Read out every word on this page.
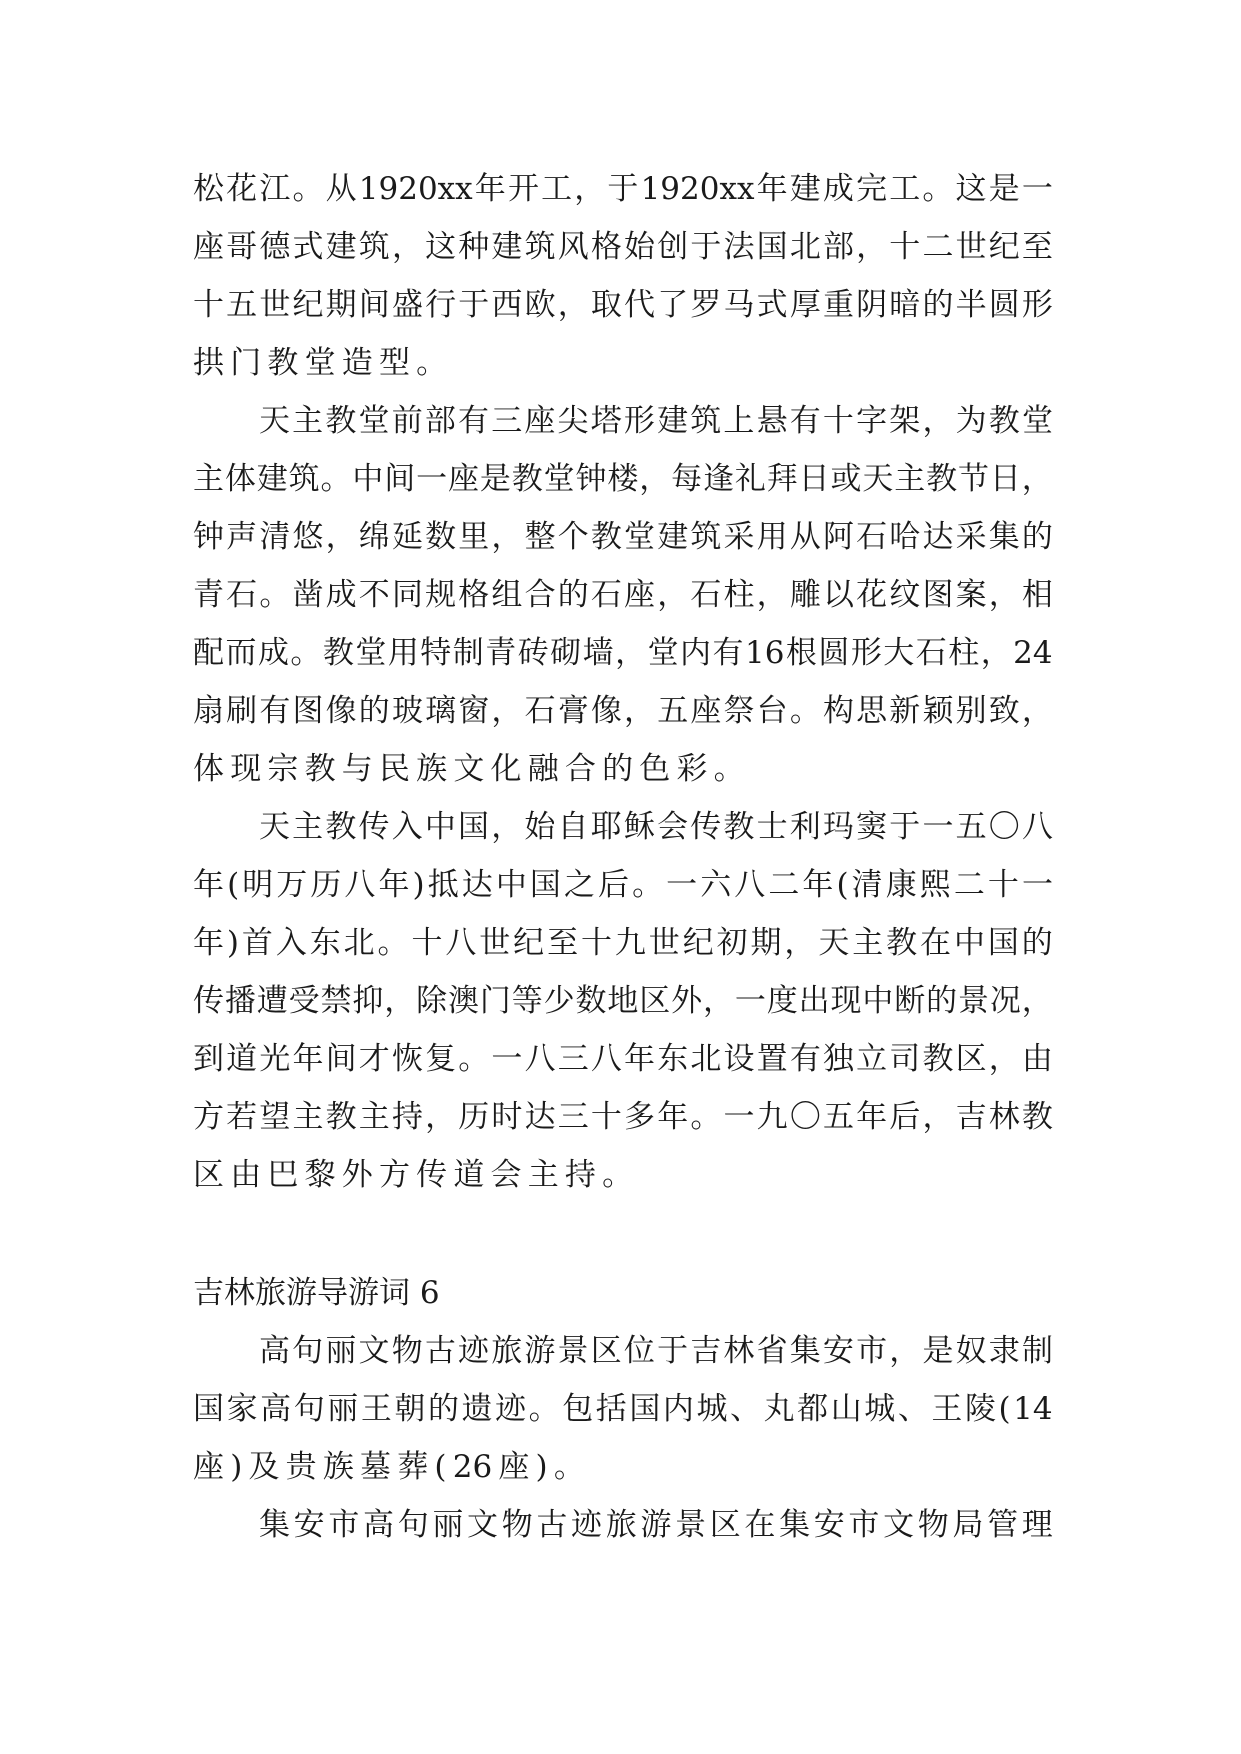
松 花 江 。 从 1920xx 年 开 工 ， 于 1920xx 年 建 成 完 工 。 这 是 一
座 哥 德 式 建 筑 ， 这 种 建 筑 风 格 始 创 于 法 国 北 部 ， 十 二 世 纪 至
十 五 世 纪 期 间 盛 行 于 西 欧 ， 取 代 了 罗 马 式 厚 重 阴 暗 的 半 圆 形
拱 门 教 堂 造 型 。
天 主 教 堂 前 部 有 三 座 尖 塔 形 建 筑 上 悬 有 十 字 架 ， 为 教 堂
主 体 建 筑 。 中 间 一 座 是 教 堂 钟 楼 ， 每 逢 礼 拜 日 或 天 主 教 节 日 ，
钟 声 清 悠 ， 绵 延 数 里 ， 整 个 教 堂 建 筑 采 用 从 阿 石 哈 达 采 集 的
青 石 。 凿 成 不 同 规 格 组 合 的 石 座 ， 石 柱 ， 雕 以 花 纹 图 案 ， 相
配 而 成 。 教 堂 用 特 制 青 砖 砌 墙 ， 堂 内 有 16 根 圆 形 大 石 柱 ， 24
扇 刷 有 图 像 的 玻 璃 窗 ， 石 膏 像 ， 五 座 祭 台 。 构 思 新 颖 别 致 ，
体 现 宗 教 与 民 族 文 化 融 合 的 色 彩 。
天 主 教 传 入 中 国 ， 始 自 耶 稣 会 传 教 士 利 玛 窦 于 一 五 〇 八
年 ( 明 万 历 八 年 ) 抵 达 中 国 之 后 。 一 六 八 二 年 ( 清 康 熙 二 十 一
年 ) 首 入 东 北 。 十 八 世 纪 至 十 九 世 纪 初 期 ， 天 主 教 在 中 国 的
传 播 遭 受 禁 抑 ， 除 澳 门 等 少 数 地 区 外 ， 一 度 出 现 中 断 的 景 况 ，
到 道 光 年 间 才 恢 复 。 一 八 三 八 年 东 北 设 置 有 独 立 司 教 区 ， 由
方 若 望 主 教 主 持 ， 历 时 达 三 十 多 年 。 一 九 〇 五 年 后 ， 吉 林 教
区 由 巴 黎 外 方 传 道 会 主 持 。
吉林旅游导游词 6
高 句 丽 文 物 古 迹 旅 游 景 区 位 于 吉 林 省 集 安 市 ， 是 奴 隶 制
国 家 高 句 丽 王 朝 的 遗 迹 。 包 括 国 内 城 、 丸 都 山 城 、 王 陵 ( 14
座 ) 及 贵 族 墓 葬 ( 26 座 ) 。
集 安 市 高 句 丽 文 物 古 迹 旅 游 景 区 在 集 安 市 文 物 局 管 理
